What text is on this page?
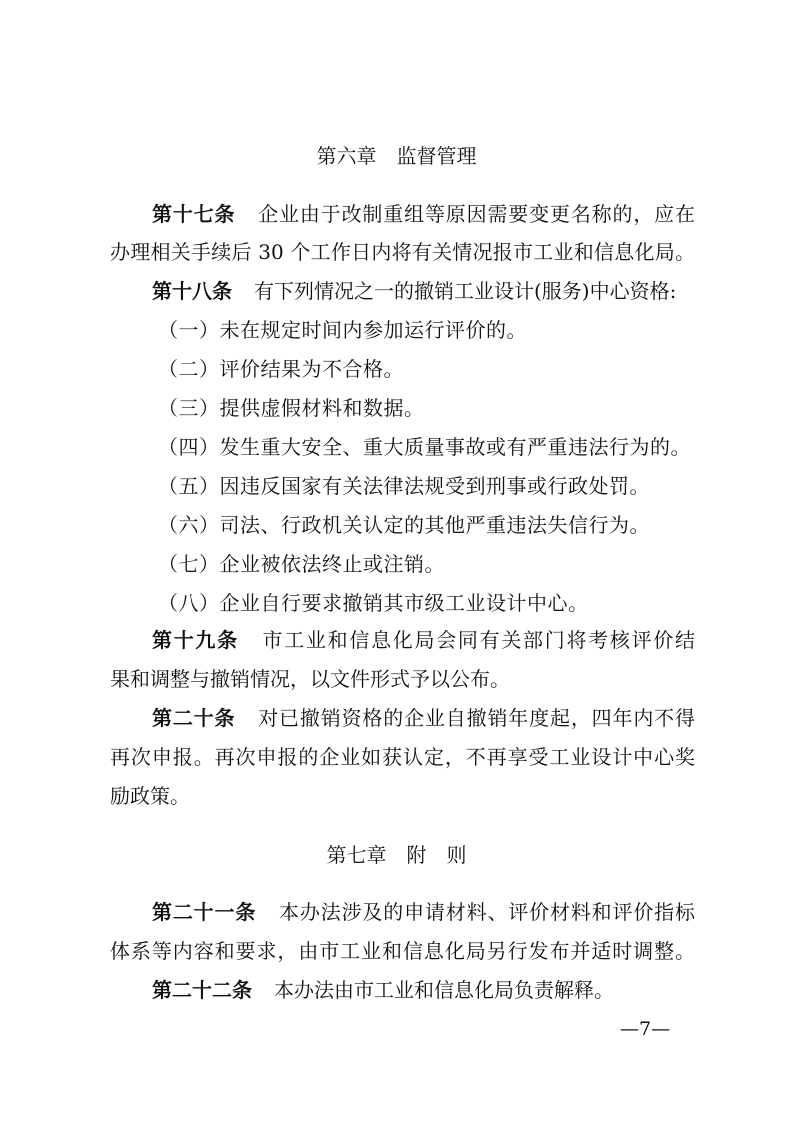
第六章 监督管理
第十七条 企业由于改制重组等原因需要变更名称的，应在
办理相关手续后 30 个工作日内将有关情况报市工业和信息化局。
第十八条 有下列情况之一的撤销工业设计(服务)中心资格:
（一）未在规定时间内参加运行评价的。
（二）评价结果为不合格。
（三）提供虚假材料和数据。
（四）发生重大安全、重大质量事故或有严重违法行为的。
（五）因违反国家有关法律法规受到刑事或行政处罚。
（六）司法、行政机关认定的其他严重违法失信行为。
（七）企业被依法终止或注销。
（八）企业自行要求撤销其市级工业设计中心。
第十九条 市工业和信息化局会同有关部门将考核评价结
果和调整与撤销情况，以文件形式予以公布。
第二十条 对已撤销资格的企业自撤销年度起，四年内不得
再次申报。再次申报的企业如获认定，不再享受工业设计中心奖
励政策。
第七章 附　则
第二十一条 本办法涉及的申请材料、评价材料和评价指标
体系等内容和要求，由市工业和信息化局另行发布并适时调整。
第二十二条 本办法由市工业和信息化局负责解释。
—7—
